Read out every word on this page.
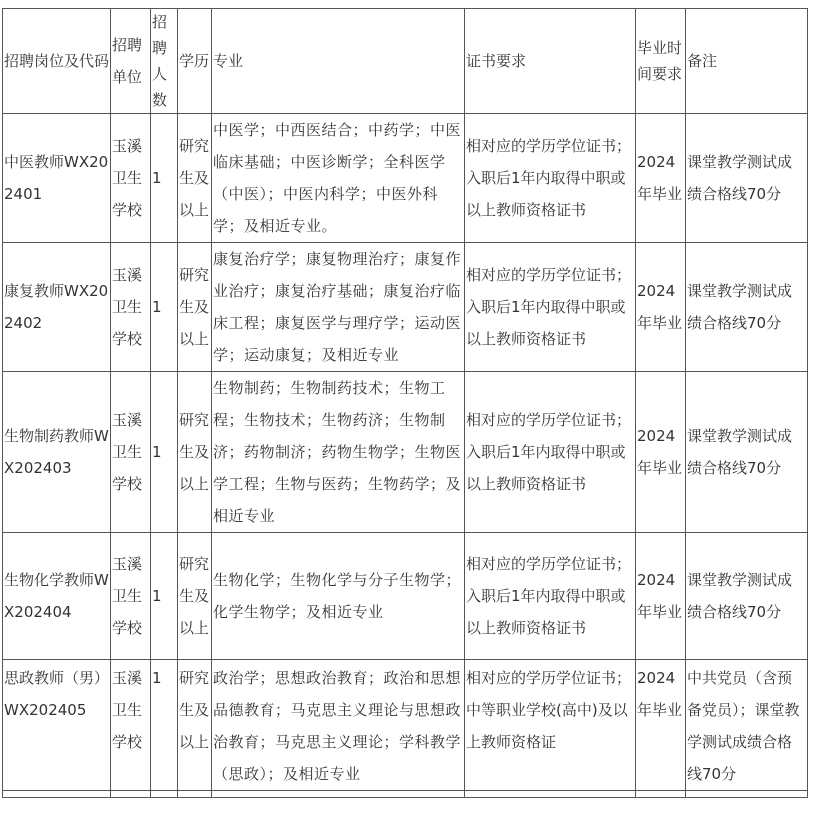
招聘岗位及代码	招聘单位	招聘人数	学历	专业	证书要求	毕业时间要求	备注
中医教师WX202401	玉溪卫生学校	1	研究生及以上	中医学；中西医结合；中药学；中医临床基础；中医诊断学；全科医学（中医）；中医内科学；中医外科学；及相近专业。	相对应的学历学位证书；入职后1年内取得中职或以上教师资格证书	2024年毕业	课堂教学测试成绩合格线70分
康复教师WX202402	玉溪卫生学校	1	研究生及以上	康复治疗学；康复物理治疗；康复作业治疗；康复治疗基础；康复治疗临床工程；康复医学与理疗学；运动医学；运动康复；及相近专业	相对应的学历学位证书；入职后1年内取得中职或以上教师资格证书	2024年毕业	课堂教学测试成绩合格线70分
生物制药教师WX202403	玉溪卫生学校	1	研究生及以上	生物制药；生物制药技术；生物工程；生物技术；生物药济；生物制济；药物制济；药物生物学；生物医学工程；生物与医药；生物药学；及相近专业	相对应的学历学位证书；入职后1年内取得中职或以上教师资格证书	2024年毕业	课堂教学测试成绩合格线70分
生物化学教师WX202404	玉溪卫生学校	1	研究生及以上	生物化学；生物化学与分子生物学；化学生物学；及相近专业	相对应的学历学位证书；入职后1年内取得中职或以上教师资格证书	2024年毕业	课堂教学测试成绩合格线70分
思政教师（男）WX202405	玉溪卫生学校	1	研究生及以上	政治学；思想政治教育；政治和思想品德教育；马克思主义理论与思想政治教育；马克思主义理论；学科教学（思政）；及相近专业	相对应的学历学位证书；中等职业学校(高中)及以上教师资格证	2024年毕业	中共党员（含预备党员）；课堂教学测试成绩合格线70分
